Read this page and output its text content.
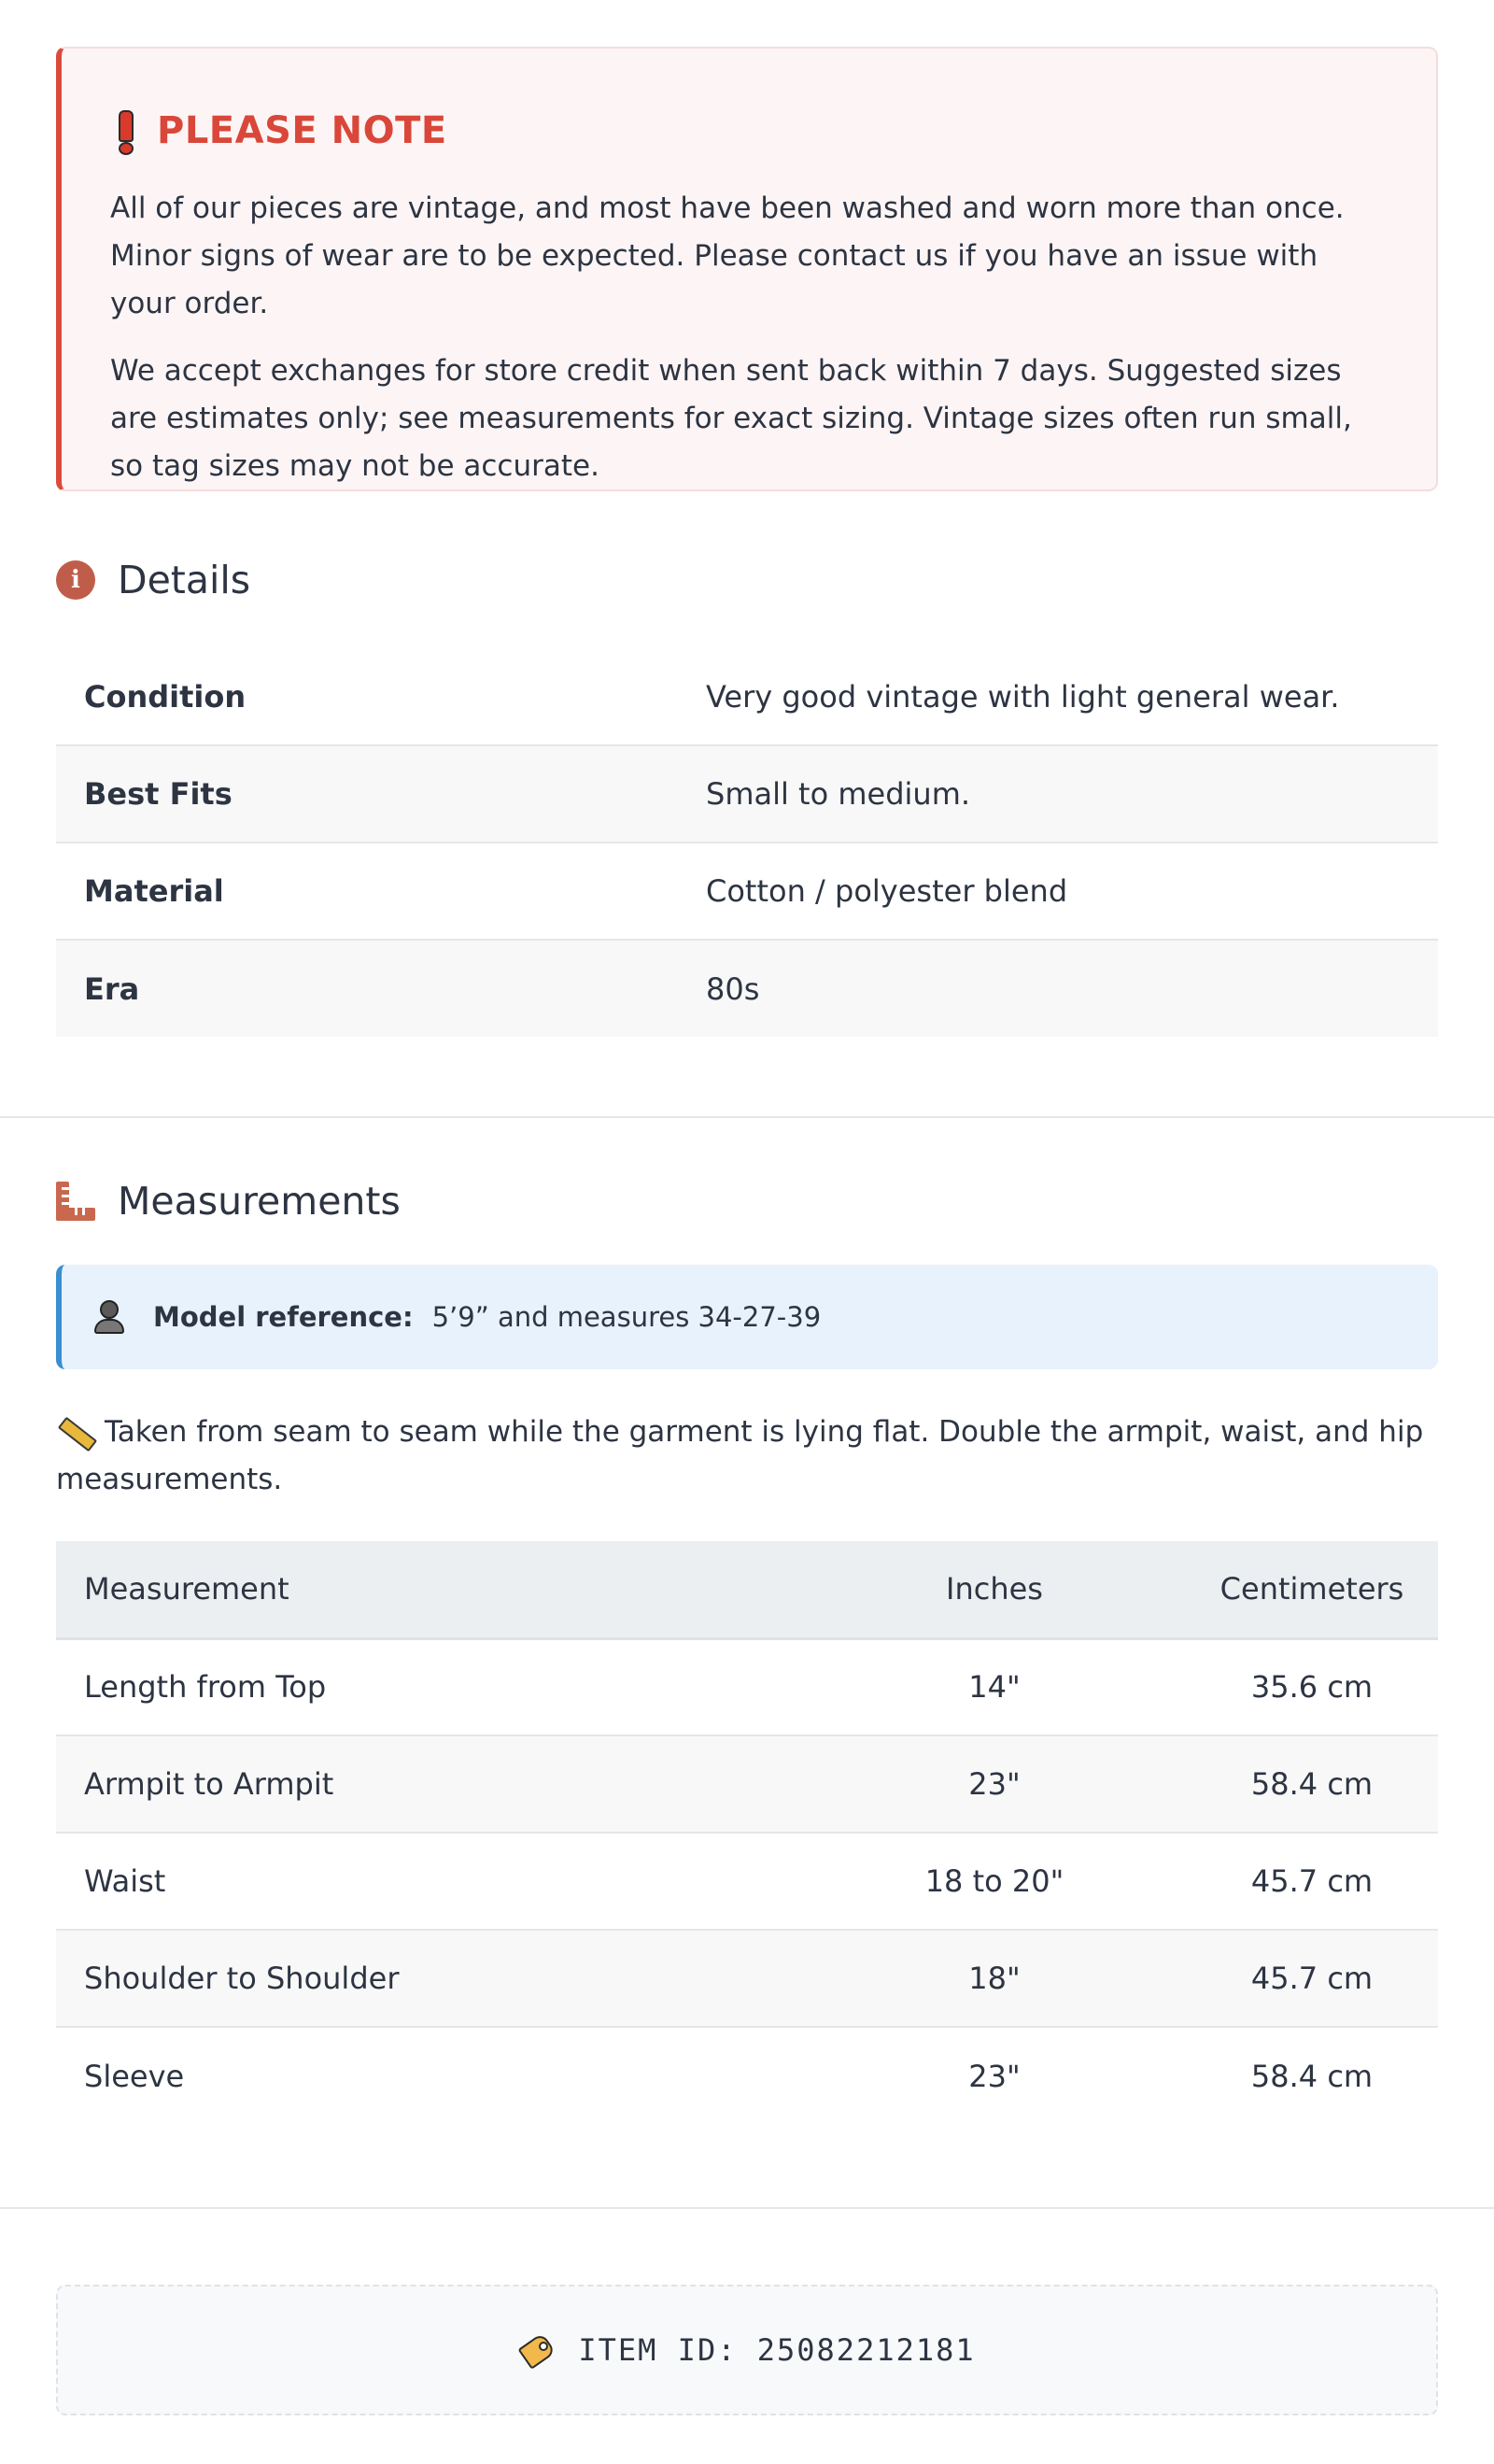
PLEASE NOTE

All of our pieces are vintage, and most have been washed and worn more than once. Minor signs of wear are to be expected. Please contact us if you have an issue with your order.

We accept exchanges for store credit when sent back within 7 days. Suggested sizes are estimates only; see measurements for exact sizing. Vintage sizes often run small, so tag sizes may not be accurate.

i Details
Condition	Very good vintage with light general wear.
Best Fits	Small to medium.
Material	Cotton / polyester blend
Era	80s
Measurements
Model reference: 5’9” and measures 34-27-39
Taken from seam to seam while the garment is lying flat. Double the armpit, waist, and hip measurements.
Measurement	Inches	Centimeters
Length from Top	14"	35.6 cm
Armpit to Armpit	23"	58.4 cm
Waist	18 to 20"	45.7 cm
Shoulder to Shoulder	18"	45.7 cm
Sleeve	23"	58.4 cm
ITEM ID: 25082212181
